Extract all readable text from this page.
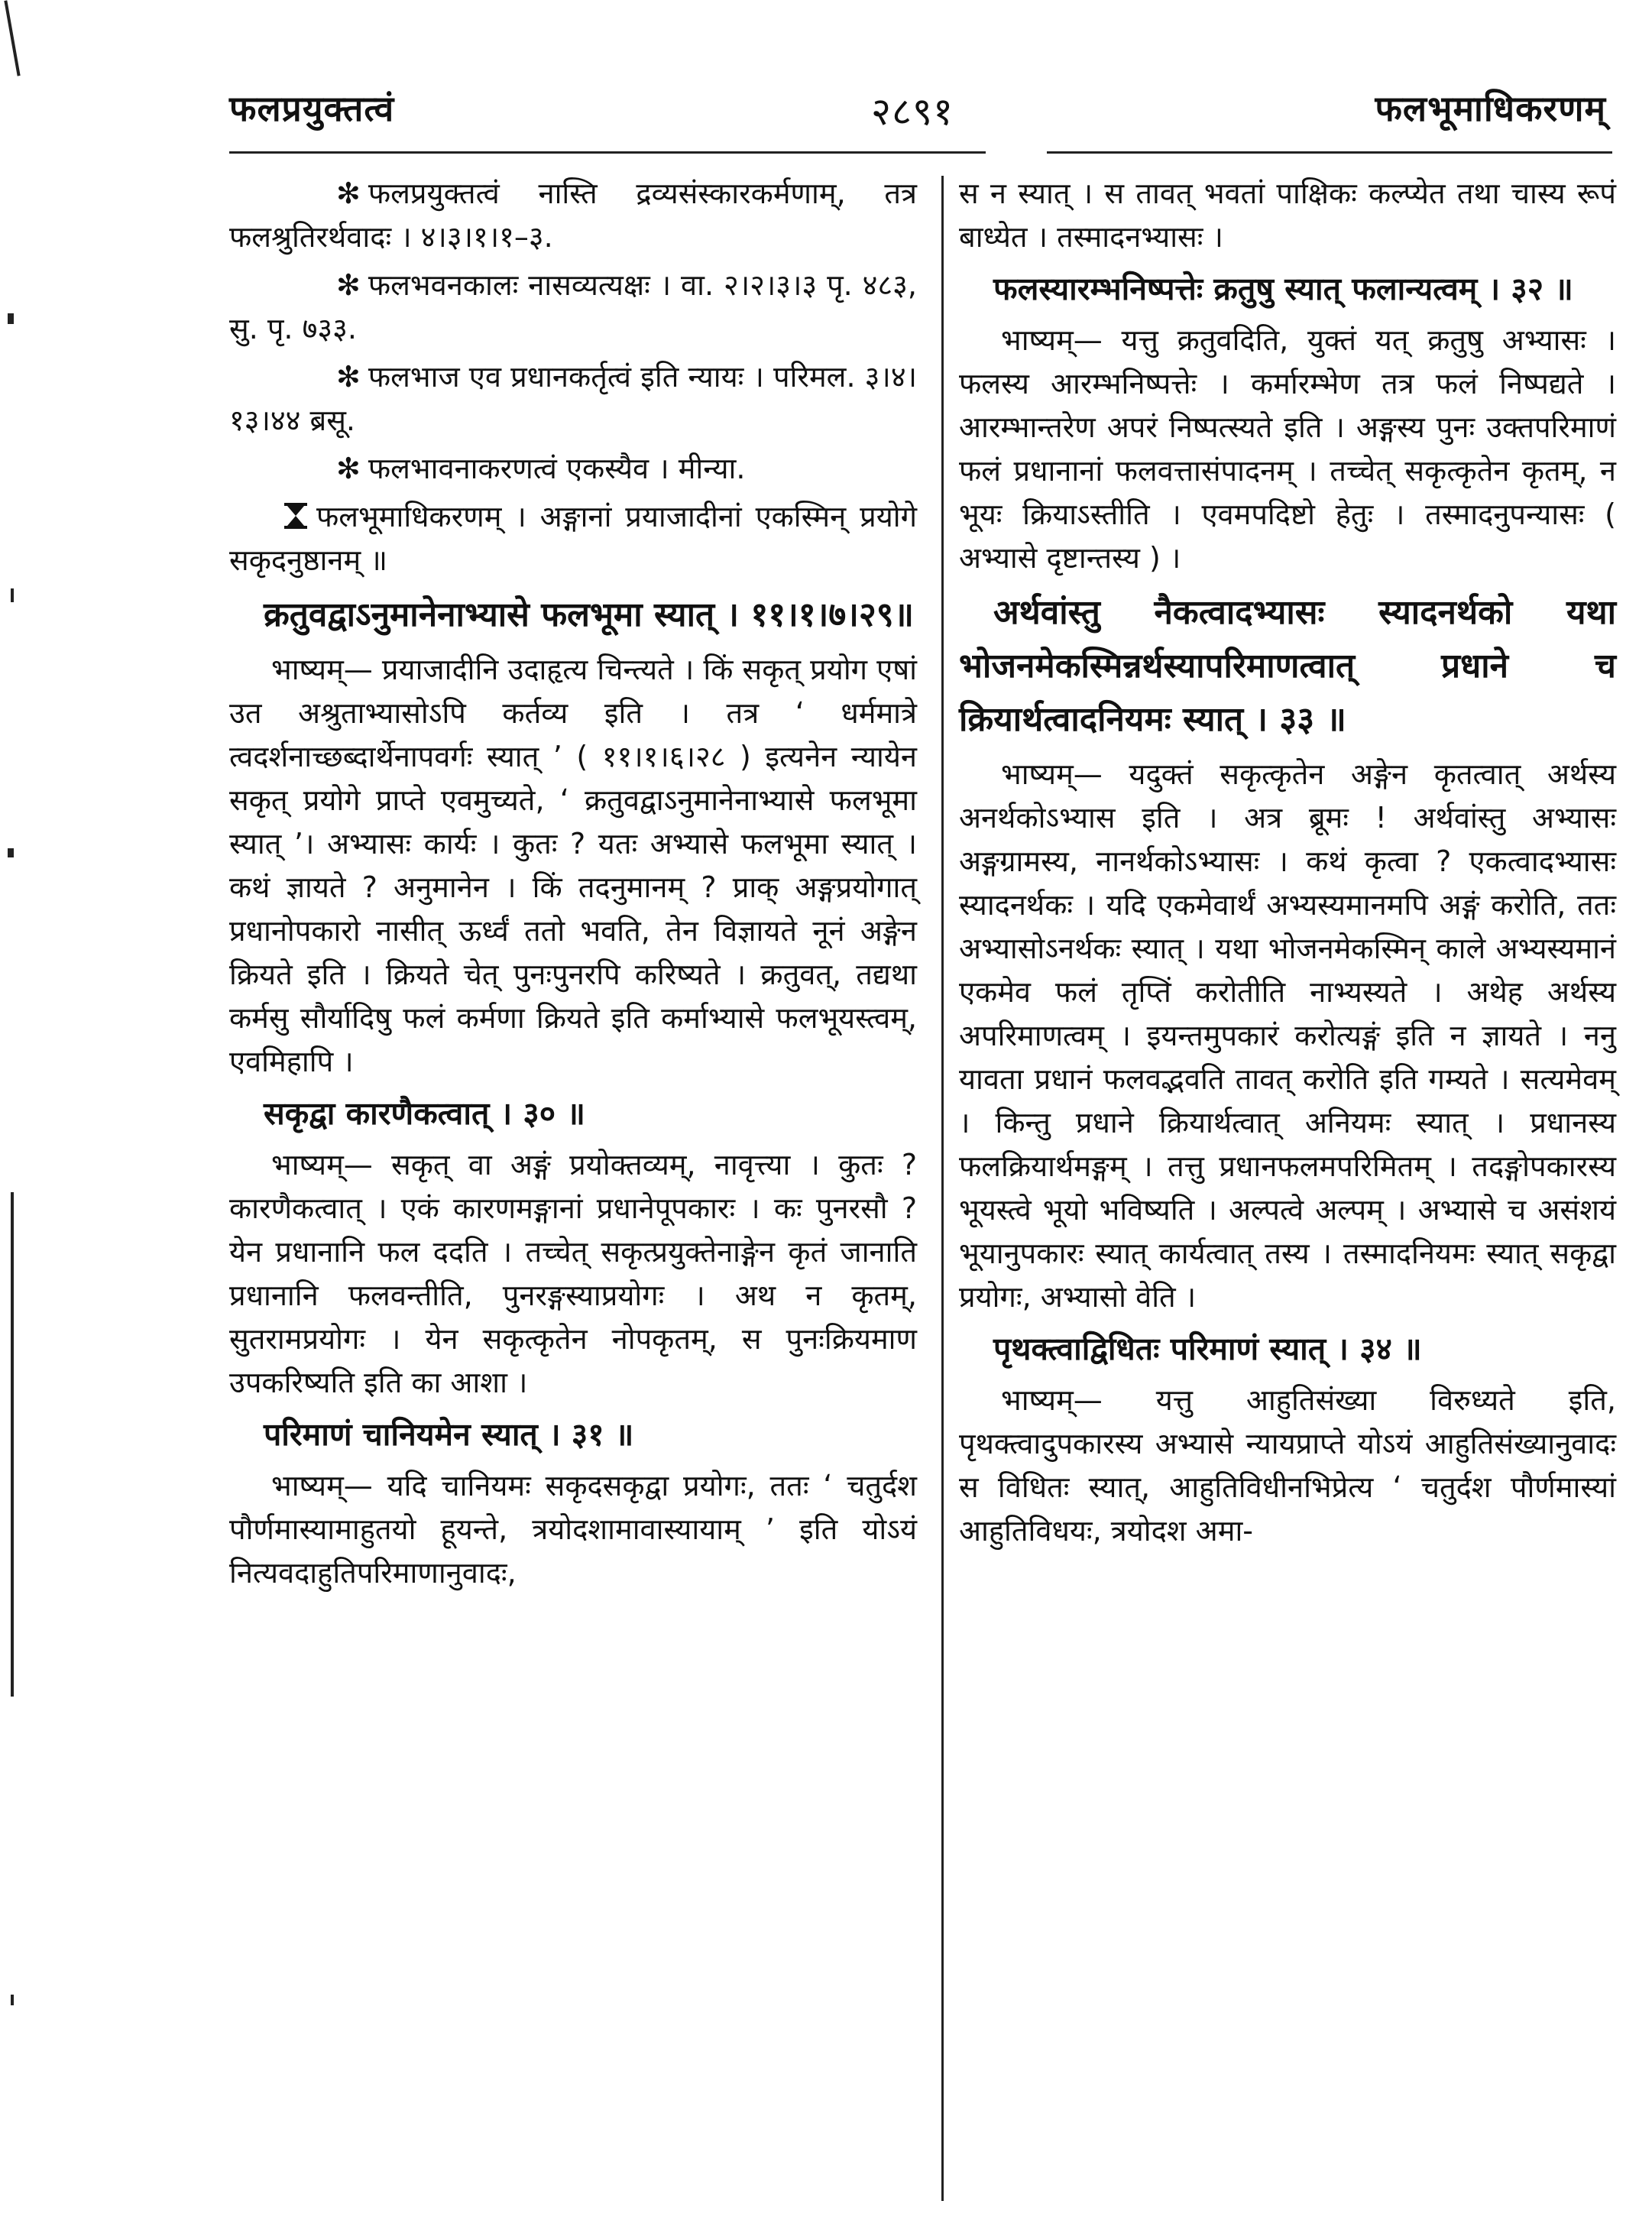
फलप्रयुक्तत्वं	२८९१	फलभूमाधिकरणम्

✻ फलप्रयुक्तत्वं नास्ति द्रव्यसंस्कारकर्मणाम्, तत्र फलश्रुतिरर्थवादः । ४।३।१।१–३.

✻ फलभवनकालः नासव्यत्यक्षः । वा. २।२।३।३ पृ. ४८३, सु. पृ. ७३३.

✻ फलभाज एव प्रधानकर्तृत्वं इति न्यायः । परिमल. ३।४।१३।४४ ब्रसू.

✻ फलभावनाकरणत्वं एकस्यैव । मीन्या.

फलभूमाधिकरणम् । अङ्गानां प्रयाजादीनां एकस्मिन् प्रयोगे सकृदनुष्ठानम् ॥

क्रतुवद्वाऽनुमानेनाभ्यासे फलभूमा स्यात् । ११।१।७।२९॥

भाष्यम्— प्रयाजादीनि उदाहृत्य चिन्त्यते । किं सकृत् प्रयोग एषां उत अश्रुताभ्यासोऽपि कर्तव्य इति । तत्र ‘ धर्ममात्रे त्वदर्शनाच्छब्दार्थेनापवर्गः स्यात् ’ ( ११।१।६।२८ ) इत्यनेन न्यायेन सकृत् प्रयोगे प्राप्ते एवमुच्यते, ‘ क्रतुवद्वाऽनुमानेनाभ्यासे फलभूमा स्यात् ’। अभ्यासः कार्यः । कुतः ? यतः अभ्यासे फलभूमा स्यात् । कथं ज्ञायते ? अनुमानेन । किं तदनुमानम् ? प्राक् अङ्गप्रयोगात् प्रधानोपकारो नासीत् ऊर्ध्वं ततो भवति, तेन विज्ञायते नूनं अङ्गेन क्रियते इति । क्रियते चेत् पुनःपुनरपि करिष्यते । क्रतुवत्, तद्यथा कर्मसु सौर्यादिषु फलं कर्मणा क्रियते इति कर्माभ्यासे फलभूयस्त्वम्, एवमिहापि ।

सकृद्वा कारणैकत्वात् । ३० ॥

भाष्यम्— सकृत् वा अङ्गं प्रयोक्तव्यम्, नावृत्त्या । कुतः ? कारणैकत्वात् । एकं कारणमङ्गानां प्रधानेपूपकारः । कः पुनरसौ ? येन प्रधानानि फल ददति । तच्चेत् सकृत्प्रयुक्तेनाङ्गेन कृतं जानाति प्रधानानि फलवन्तीति, पुनरङ्गस्याप्रयोगः । अथ न कृतम्, सुतरामप्रयोगः । येन सकृत्कृतेन नोपकृतम्, स पुनःक्रियमाण उपकरिष्यति इति का आशा ।

परिमाणं चानियमेन स्यात् । ३१ ॥

भाष्यम्— यदि चानियमः सकृदसकृद्वा प्रयोगः, ततः ‘ चतुर्दश पौर्णमास्यामाहुतयो हूयन्ते, त्रयोदशामावास्यायाम् ’ इति योऽयं नित्यवदाहुतिपरिमाणानुवादः,

स न स्यात् । स तावत् भवतां पाक्षिकः कल्प्येत तथा चास्य रूपं बाध्येत । तस्मादनभ्यासः ।

फलस्यारम्भनिष्पत्तेः क्रतुषु स्यात् फलान्यत्वम् । ३२ ॥

भाष्यम्— यत्तु क्रतुवदिति, युक्तं यत् क्रतुषु अभ्यासः । फलस्य आरम्भनिष्पत्तेः । कर्मारम्भेण तत्र फलं निष्पद्यते । आरम्भान्तरेण अपरं निष्पत्स्यते इति । अङ्गस्य पुनः उक्तपरिमाणं फलं प्रधानानां फलवत्तासंपादनम् । तच्चेत् सकृत्कृतेन कृतम्, न भूयः क्रियाऽस्तीति । एवमपदिष्टो हेतुः । तस्मादनुपन्यासः ( अभ्यासे दृष्टान्तस्य ) ।

अर्थवांस्तु नैकत्वादभ्यासः स्यादनर्थको यथा भोजनमेकस्मिन्नर्थस्यापरिमाणत्वात् प्रधाने च क्रियार्थत्वादनियमः स्यात् । ३३ ॥

भाष्यम्— यदुक्तं सकृत्कृतेन अङ्गेन कृतत्वात् अर्थस्य अनर्थकोऽभ्यास इति । अत्र ब्रूमः ! अर्थवांस्तु अभ्यासः अङ्गग्रामस्य, नानर्थकोऽभ्यासः । कथं कृत्वा ? एकत्वादभ्यासः स्यादनर्थकः । यदि एकमेवार्थं अभ्यस्यमानमपि अङ्गं करोति, ततः अभ्यासोऽनर्थकः स्यात् । यथा भोजनमेकस्मिन् काले अभ्यस्यमानं एकमेव फलं तृप्तिं करोतीति नाभ्यस्यते । अथेह अर्थस्य अपरिमाणत्वम् । इयन्तमुपकारं करोत्यङ्गं इति न ज्ञायते । ननु यावता प्रधानं फलवद्भवति तावत् करोति इति गम्यते । सत्यमेवम् । किन्तु प्रधाने क्रियार्थत्वात् अनियमः स्यात् । प्रधानस्य फलक्रियार्थमङ्गम् । तत्तु प्रधानफलमपरिमितम् । तदङ्गोपकारस्य भूयस्त्वे भूयो भविष्यति । अल्पत्वे अल्पम् । अभ्यासे च असंशयं भूयानुपकारः स्यात् कार्यत्वात् तस्य । तस्मादनियमः स्यात् सकृद्वा प्रयोगः, अभ्यासो वेति ।

पृथक्त्वाद्विधितः परिमाणं स्यात् । ३४ ॥

भाष्यम्— यत्तु आहुतिसंख्या विरुध्यते इति, पृथक्त्वादुपकारस्य अभ्यासे न्यायप्राप्ते योऽयं आहुतिसंख्यानुवादः स विधितः स्यात्, आहुतिविधीनभिप्रेत्य ‘ चतुर्दश पौर्णमास्यां आहुतिविधयः, त्रयोदश अमा-
